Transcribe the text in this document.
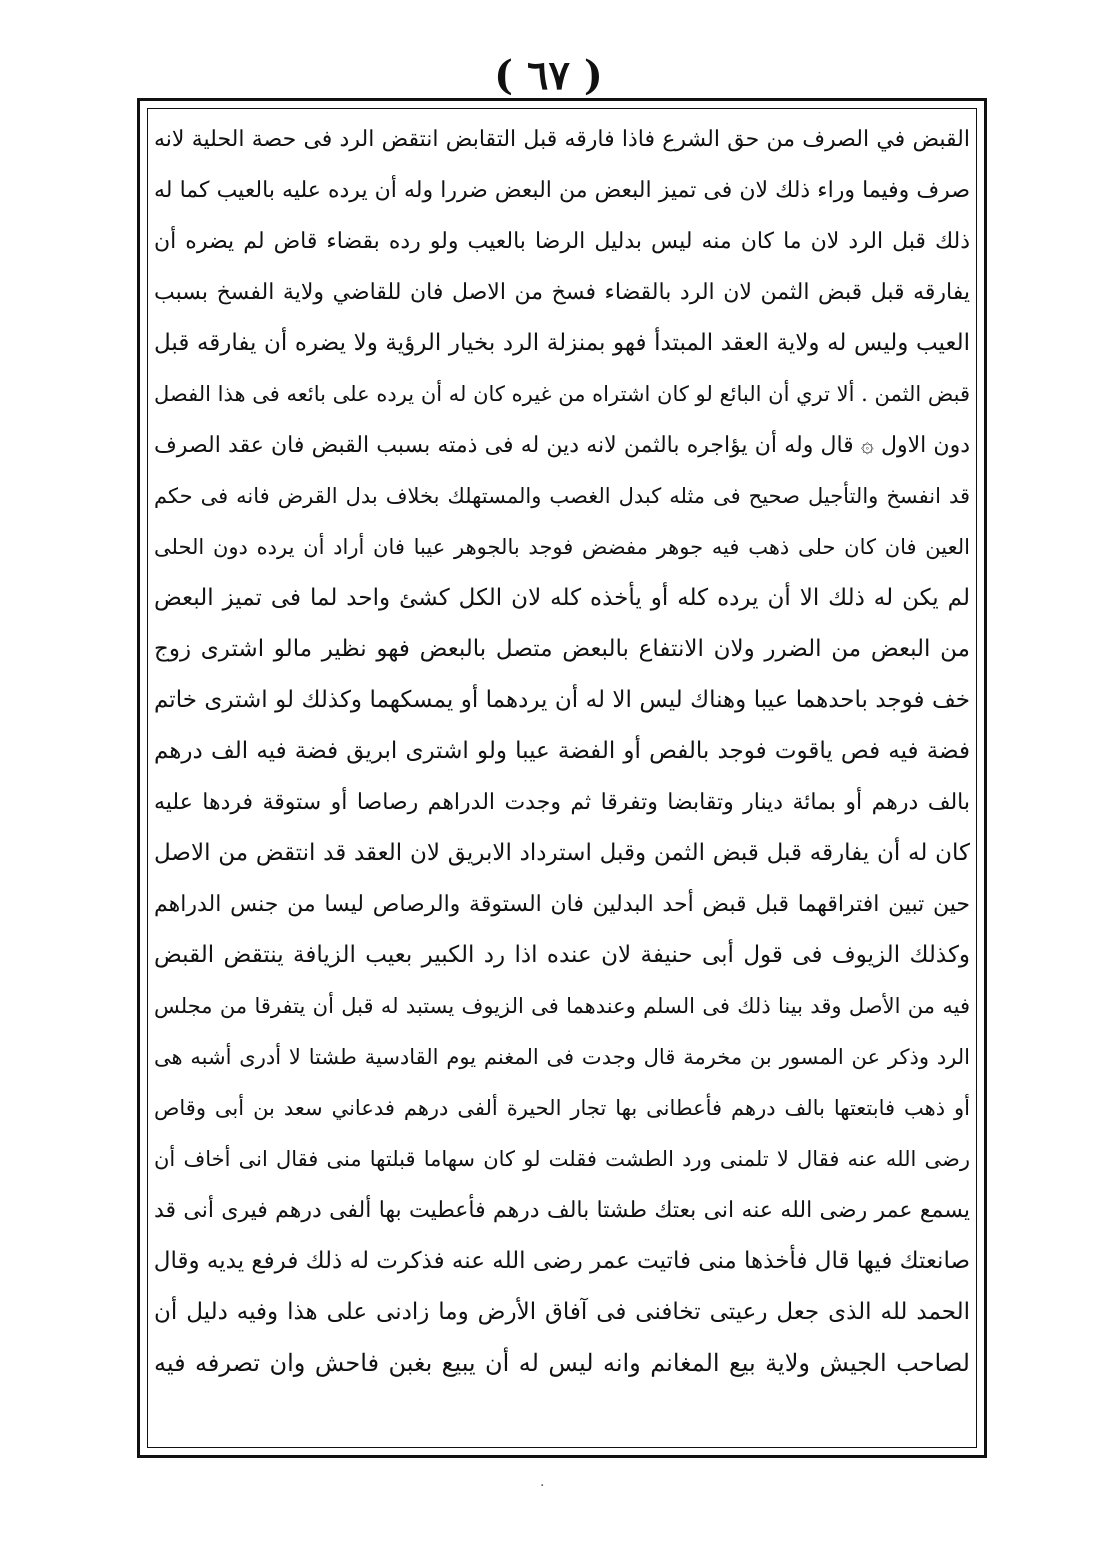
( ٦٧ )
القبض في الصرف من حق الشرع فاذا فارقه قبل التقابض انتقض الرد فى حصة الحلية لانه
صرف وفيما وراء ذلك لان فى تميز البعض من البعض ضررا وله أن يرده عليه بالعيب كما له
ذلك قبل الرد لان ما كان منه ليس بدليل الرضا بالعيب ولو رده بقضاء قاض لم يضره أن
يفارقه قبل قبض الثمن لان الرد بالقضاء فسخ من الاصل فان للقاضي ولاية الفسخ بسبب
العيب وليس له ولاية العقد المبتدأ فهو بمنزلة الرد بخيار الرؤية ولا يضره أن يفارقه قبل
قبض الثمن . ألا تري أن البائع لو كان اشتراه من غيره كان له أن يرده على بائعه فى هذا الفصل
دون الاول ۞ قال وله أن يؤاجره بالثمن لانه دين له فى ذمته بسبب القبض فان عقد الصرف
قد انفسخ والتأجيل صحيح فى مثله كبدل الغصب والمستهلك بخلاف بدل القرض فانه فى حكم
العين فان كان حلى ذهب فيه جوهر مفضض فوجد بالجوهر عيبا فان أراد أن يرده دون الحلى
لم يكن له ذلك الا أن يرده كله أو يأخذه كله لان الكل كشئ واحد لما فى تميز البعض
من البعض من الضرر ولان الانتفاع بالبعض متصل بالبعض فهو نظير مالو اشترى زوج
خف فوجد باحدهما عيبا وهناك ليس الا له أن يردهما أو يمسكهما وكذلك لو اشترى خاتم
فضة فيه فص ياقوت فوجد بالفص أو الفضة عيبا ولو اشترى ابريق فضة فيه الف درهم
بالف درهم أو بمائة دينار وتقابضا وتفرقا ثم وجدت الدراهم رصاصا أو ستوقة فردها عليه
كان له أن يفارقه قبل قبض الثمن وقبل استرداد الابريق لان العقد قد انتقض من الاصل
حين تبين افتراقهما قبل قبض أحد البدلين فان الستوقة والرصاص ليسا من جنس الدراهم
وكذلك الزيوف فى قول أبى حنيفة لان عنده اذا رد الكبير بعيب الزيافة ينتقض القبض
فيه من الأصل وقد بينا ذلك فى السلم وعندهما فى الزيوف يستبد له قبل أن يتفرقا من مجلس
الرد وذكر عن المسور بن مخرمة قال وجدت فى المغنم يوم القادسية طشتا لا أدرى أشبه هى
أو ذهب فابتعتها بالف درهم فأعطانى بها تجار الحيرة ألفى درهم فدعاني سعد بن أبى وقاص
رضى الله عنه فقال لا تلمنى ورد الطشت فقلت لو كان سهاما قبلتها منى فقال انى أخاف أن
يسمع عمر رضى الله عنه انى بعتك طشتا بالف درهم فأعطيت بها ألفى درهم فيرى أنى قد
صانعتك فيها قال فأخذها منى فاتيت عمر رضى الله عنه فذكرت له ذلك فرفع يديه وقال
الحمد لله الذى جعل رعيتى تخافنى فى آفاق الأرض وما زادنى على هذا وفيه دليل أن
لصاحب الجيش ولاية بيع المغانم وانه ليس له أن يبيع بغبن فاحش وان تصرفه فيه
·
